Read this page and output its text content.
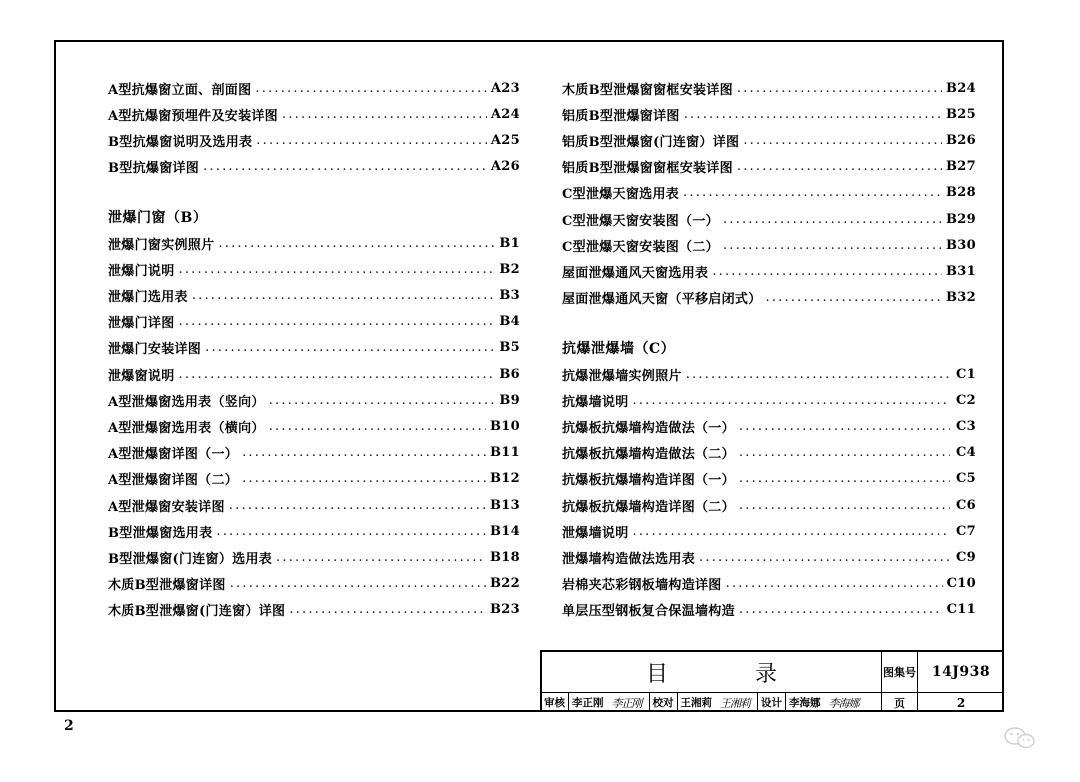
A型抗爆窗立面、剖面图 .....	A23
A型抗爆窗预埋件及安装详图 .....	A24
B型抗爆窗说明及选用表 .....	A25
B型抗爆窗详图 .....	A26
泄爆门窗（B）
泄爆门窗实例照片 .....	B1
泄爆门说明 .....	B2
泄爆门选用表 .....	B3
泄爆门详图 .....	B4
泄爆门安装详图 .....	B5
泄爆窗说明 .....	B6
A型泄爆窗选用表（竖向） .....	B9
A型泄爆窗选用表（横向） .....	B10
A型泄爆窗详图（一） .....	B11
A型泄爆窗详图（二） .....	B12
A型泄爆窗安装详图 .....	B13
B型泄爆窗选用表 .....	B14
B型泄爆窗(门连窗）选用表 .....	B18
木质B型泄爆窗详图 .....	B22
木质B型泄爆窗(门连窗）详图 .....	B23
木质B型泄爆窗窗框安装详图 .....	B24
铝质B型泄爆窗详图 .....	B25
铝质B型泄爆窗(门连窗）详图 .....	B26
铝质B型泄爆窗窗框安装详图 .....	B27
C型泄爆天窗选用表 .....	B28
C型泄爆天窗安装图（一） .....	B29
C型泄爆天窗安装图（二） .....	B30
屋面泄爆通风天窗选用表 .....	B31
屋面泄爆通风天窗（平移启闭式） .....	B32
抗爆泄爆墙（C）
抗爆泄爆墙实例照片 .....	C1
抗爆墙说明 .....	C2
抗爆板抗爆墙构造做法（一） .....	C3
抗爆板抗爆墙构造做法（二） .....	C4
抗爆板抗爆墙构造详图（一） .....	C5
抗爆板抗爆墙构造详图（二） .....	C6
泄爆墙说明 .....	C7
泄爆墙构造做法选用表 .....	C9
岩棉夹芯彩钢板墙构造详图 .....	C10
单层压型钢板复合保温墙构造 .....	C11
目 录	图集号	14J938
审核 李正刚 李正刚	校对 王湘莉 王湘莉	设计 李海娜 李海娜	页	2
2
